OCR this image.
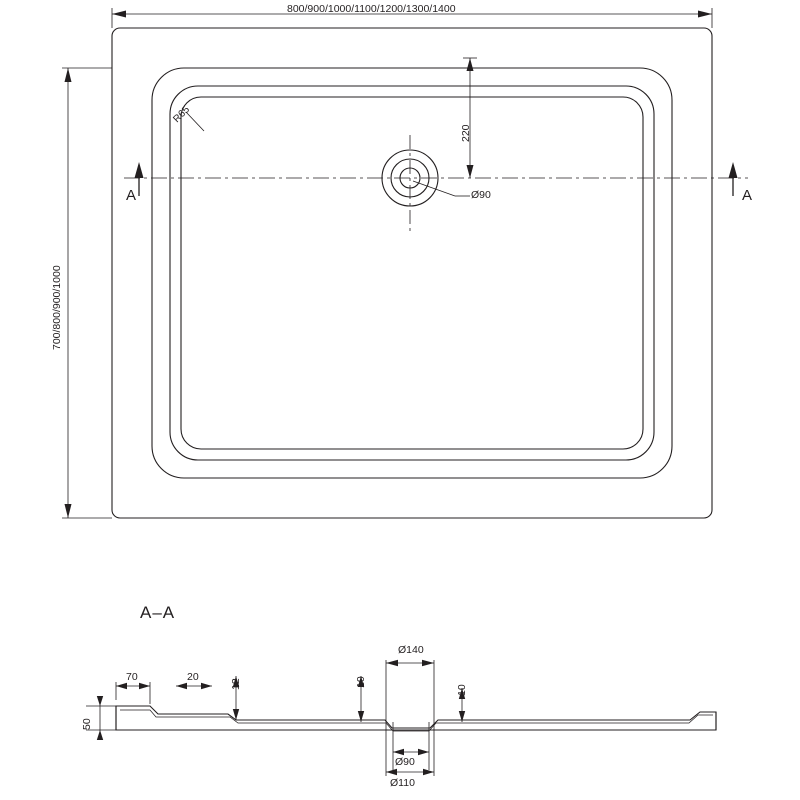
800/900/1000/1100/1200/1300/1400
700/800/900/1000
R65
220
Ø90
A	A
A–A
Ø140
70	20
12	10
10
50
Ø90
Ø110
